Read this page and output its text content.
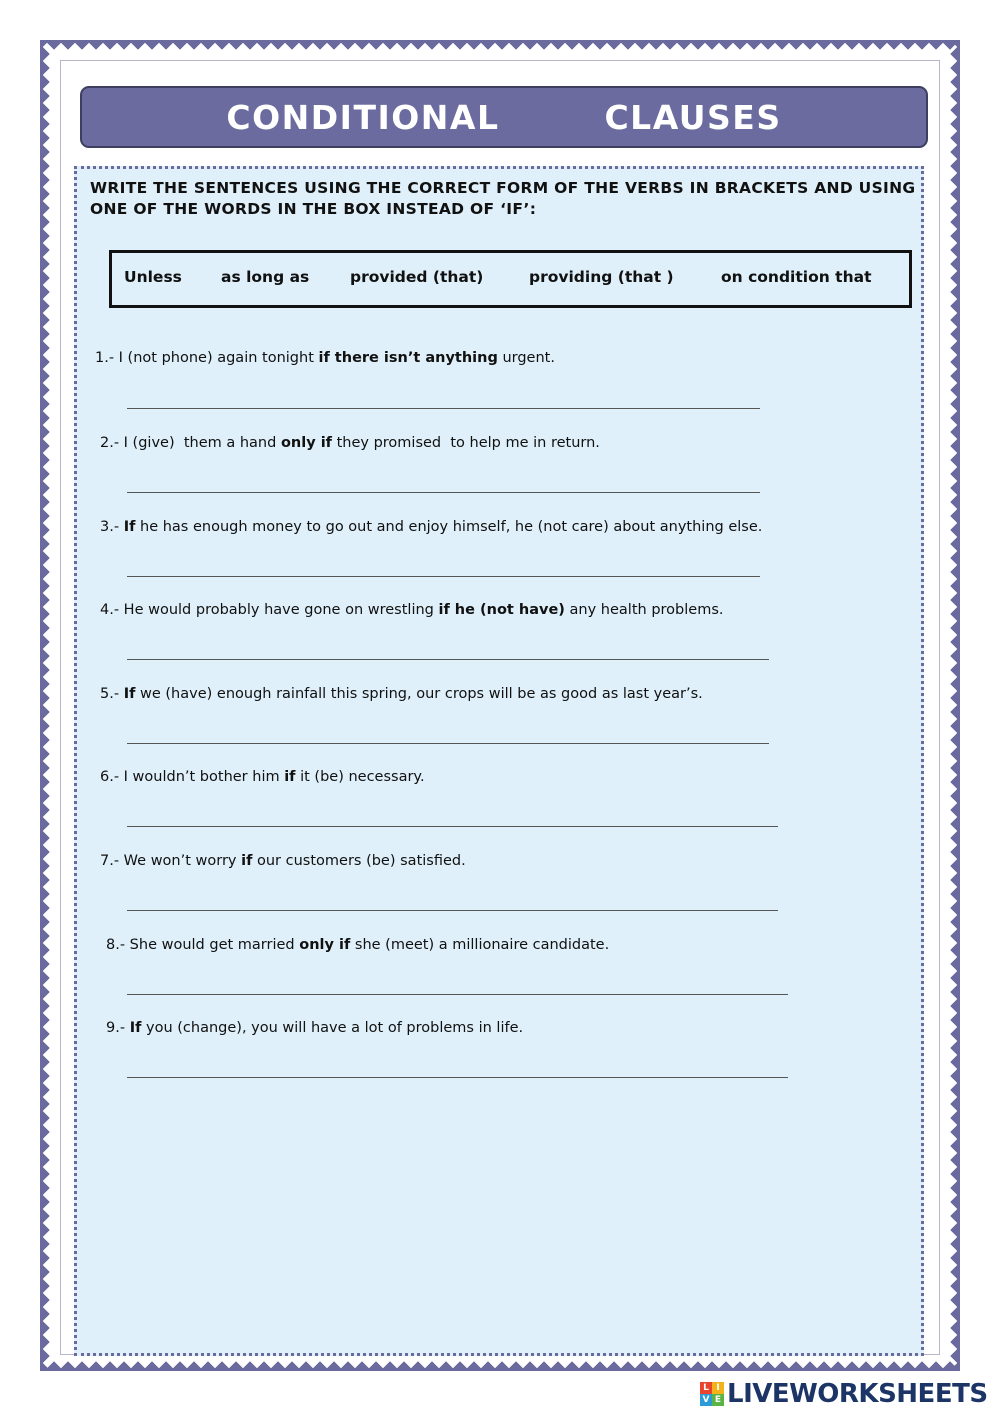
CONDITIONAL   CLAUSES

WRITE THE SENTENCES USING THE CORRECT FORM OF THE VERBS IN BRACKETS AND USING ONE OF THE WORDS IN THE BOX INSTEAD OF ‘IF’:

Unless	as long as	provided (that)	providing (that )	on condition that

1.- I (not phone) again tonight if there isn’t anything urgent.

2.- I (give)  them a hand only if they promised  to help me in return.

3.- If he has enough money to go out and enjoy himself, he (not care) about anything else.

4.- He would probably have gone on wrestling if he (not have) any health problems.

5.- If we (have) enough rainfall this spring, our crops will be as good as last year’s.

6.- I wouldn’t bother him if it (be) necessary.

7.- We won’t worry if our customers (be) satisfied.

8.- She would get married only if she (meet) a millionaire candidate.

9.- If you (change), you will have a lot of problems in life.

L I
V E LIVEWORKSHEETS
